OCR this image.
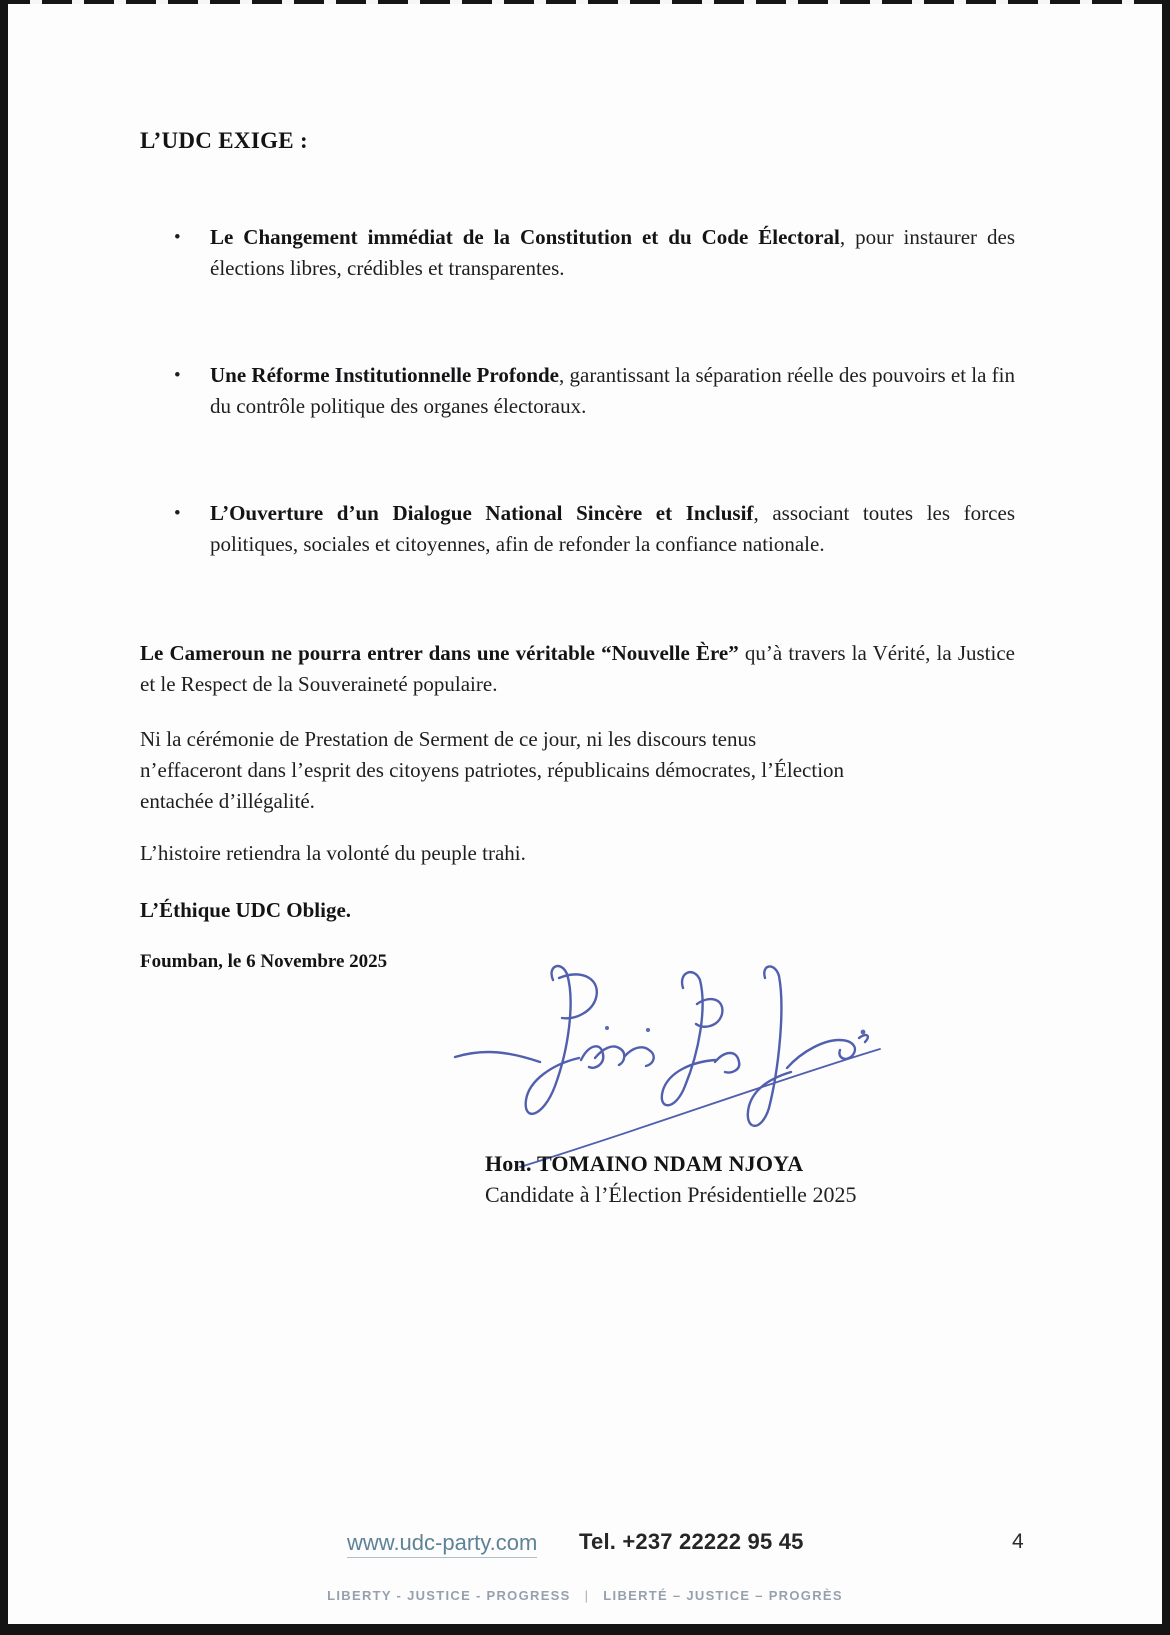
L’UDC EXIGE :
• Le Changement immédiat de la Constitution et du Code Électoral, pour instaurer des élections libres, crédibles et transparentes.
• Une Réforme Institutionnelle Profonde, garantissant la séparation réelle des pouvoirs et la fin du contrôle politique des organes électoraux.
• L’Ouverture d’un Dialogue National Sincère et Inclusif, associant toutes les forces politiques, sociales et citoyennes, afin de refonder la confiance nationale.
Le Cameroun ne pourra entrer dans une véritable “Nouvelle Ère” qu’à travers la Vérité, la Justice et le Respect de la Souveraineté populaire.
Ni la cérémonie de Prestation de Serment de ce jour, ni les discours tenus
n’effaceront dans l’esprit des citoyens patriotes, républicains démocrates, l’Élection
entachée d’illégalité.
L’histoire retiendra la volonté du peuple trahi.
L’Éthique UDC Oblige.
Foumban, le 6 Novembre 2025
Hon. TOMAINO NDAM NJOYA
Candidate à l’Élection Présidentielle 2025
www.udc-party.com Tel. +237 22222 95 45	4
LIBERTY - JUSTICE - PROGRESS | LIBERTÉ – JUSTICE – PROGRÈS
